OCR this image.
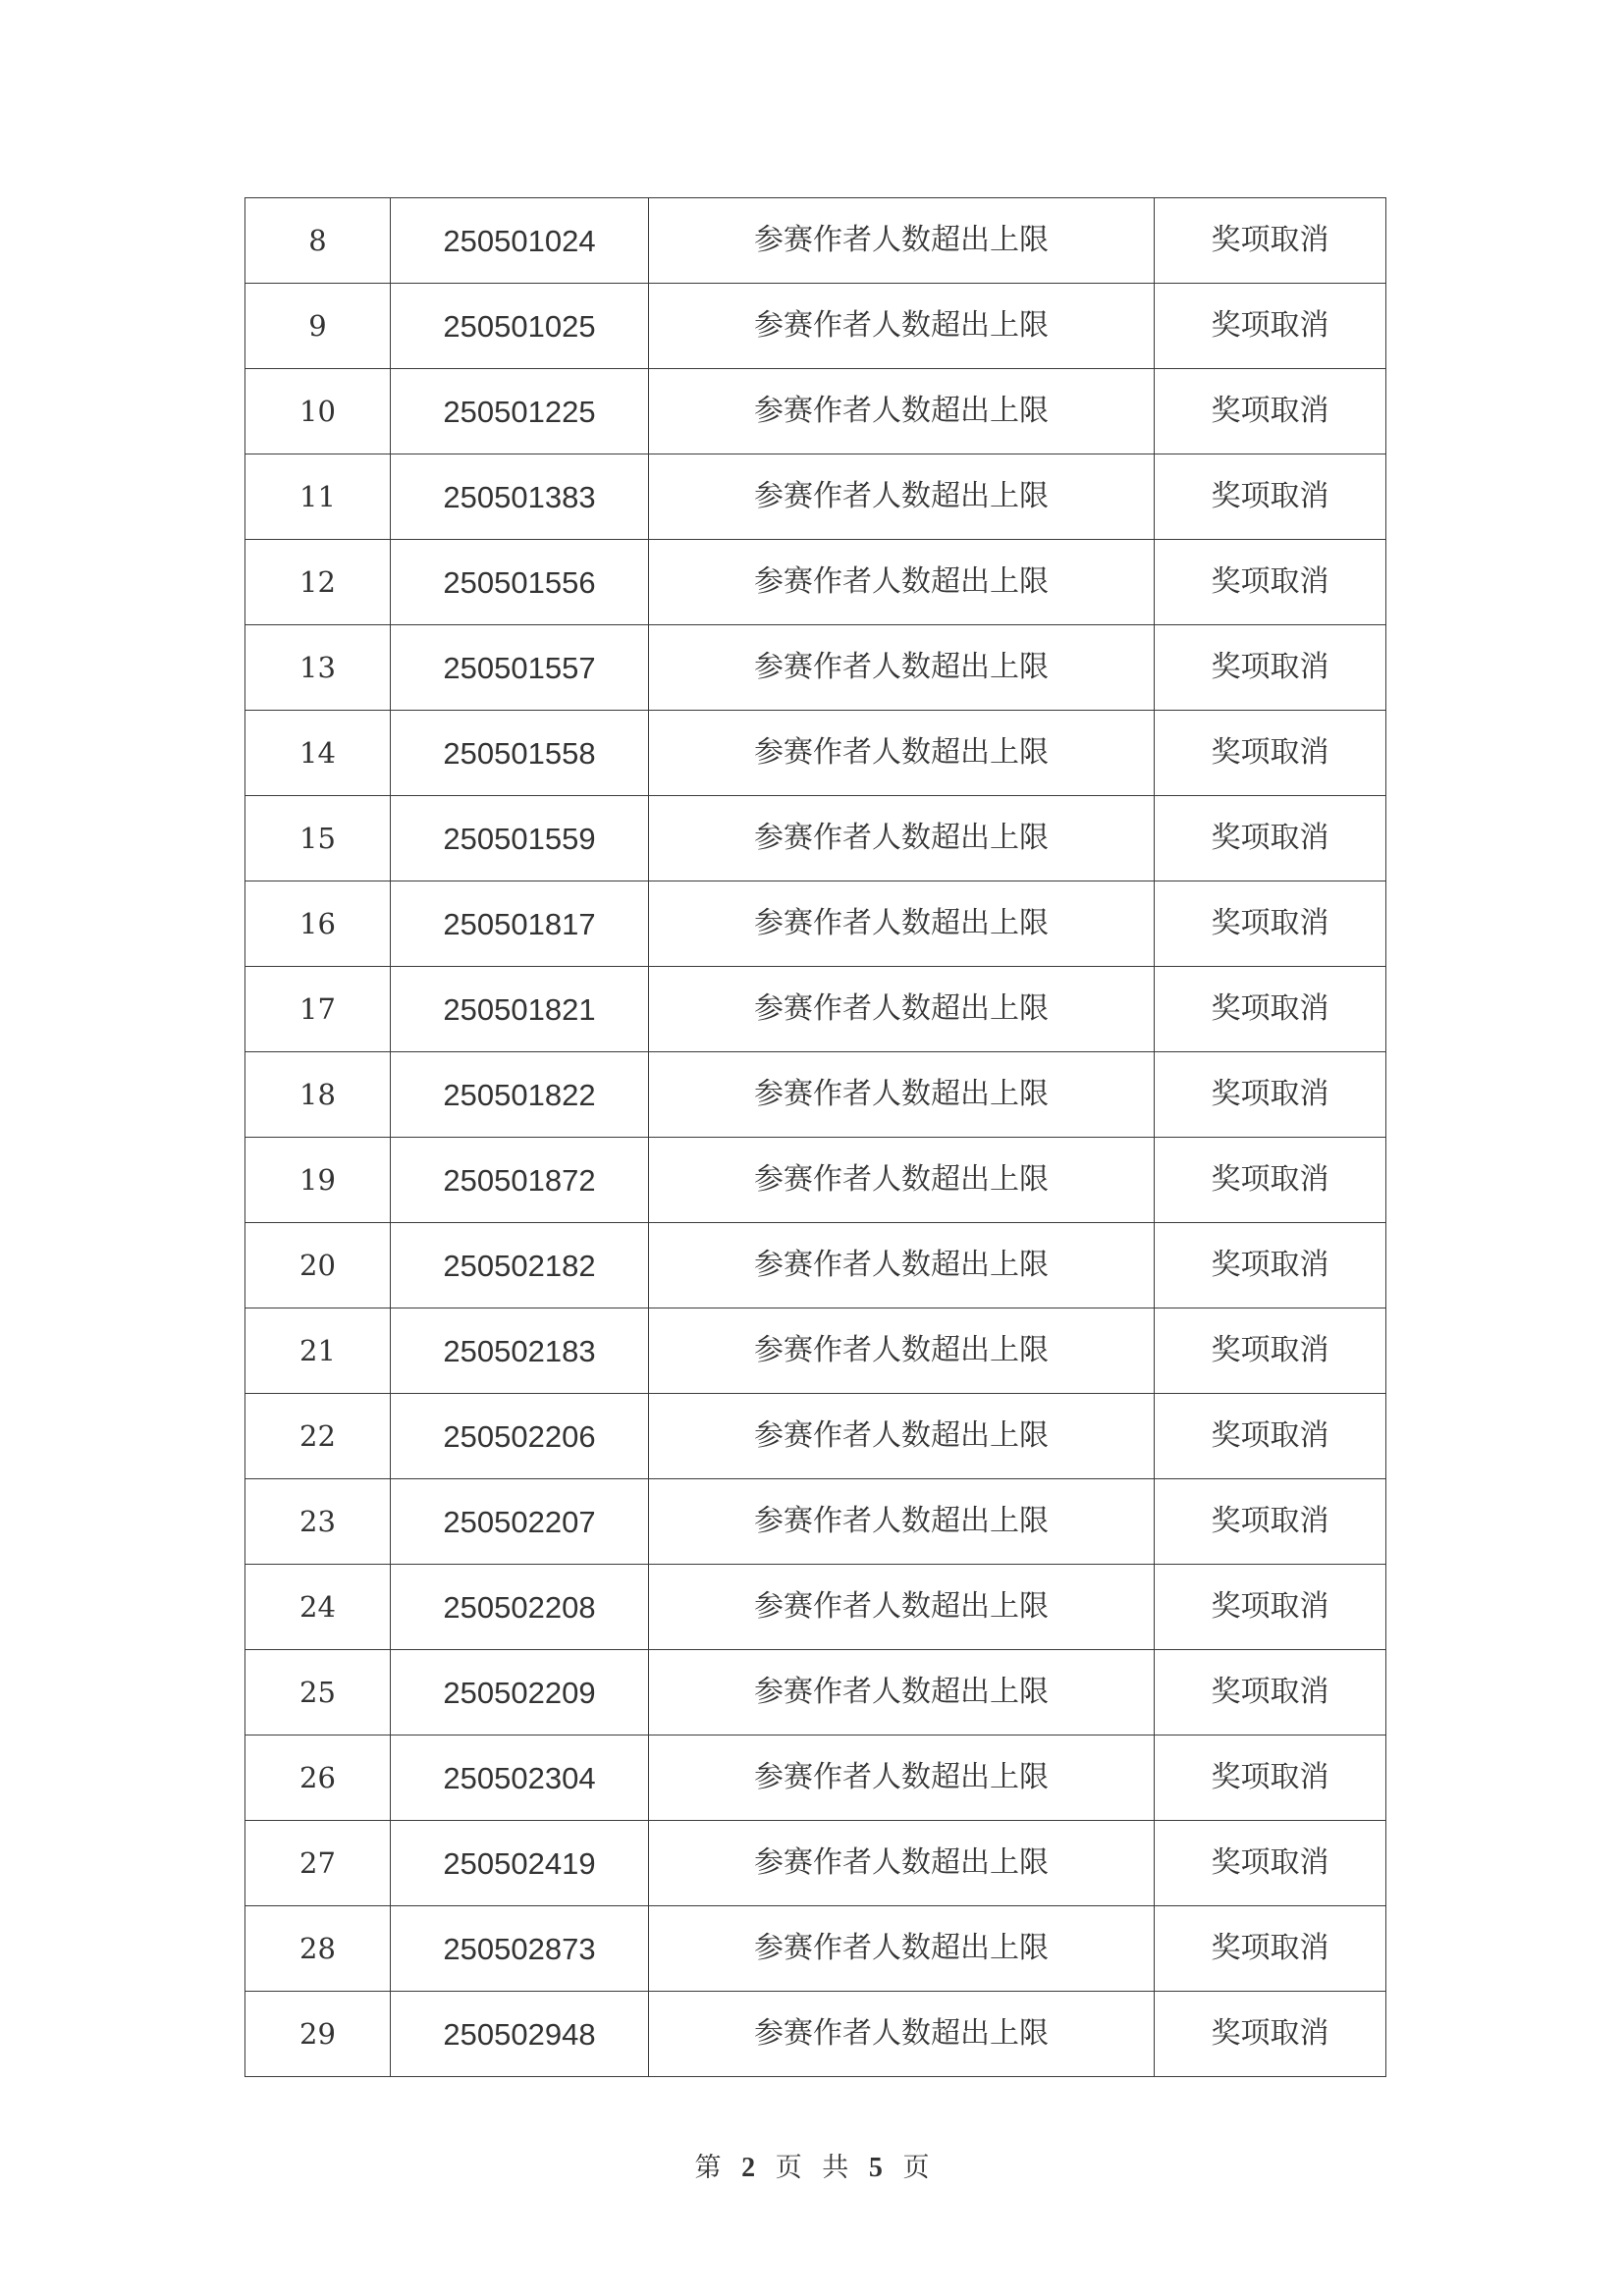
8	250501024	参赛作者人数超出上限	奖项取消
9	250501025	参赛作者人数超出上限	奖项取消
10	250501225	参赛作者人数超出上限	奖项取消
11	250501383	参赛作者人数超出上限	奖项取消
12	250501556	参赛作者人数超出上限	奖项取消
13	250501557	参赛作者人数超出上限	奖项取消
14	250501558	参赛作者人数超出上限	奖项取消
15	250501559	参赛作者人数超出上限	奖项取消
16	250501817	参赛作者人数超出上限	奖项取消
17	250501821	参赛作者人数超出上限	奖项取消
18	250501822	参赛作者人数超出上限	奖项取消
19	250501872	参赛作者人数超出上限	奖项取消
20	250502182	参赛作者人数超出上限	奖项取消
21	250502183	参赛作者人数超出上限	奖项取消
22	250502206	参赛作者人数超出上限	奖项取消
23	250502207	参赛作者人数超出上限	奖项取消
24	250502208	参赛作者人数超出上限	奖项取消
25	250502209	参赛作者人数超出上限	奖项取消
26	250502304	参赛作者人数超出上限	奖项取消
27	250502419	参赛作者人数超出上限	奖项取消
28	250502873	参赛作者人数超出上限	奖项取消
29	250502948	参赛作者人数超出上限	奖项取消
第 2 页 共 5 页
